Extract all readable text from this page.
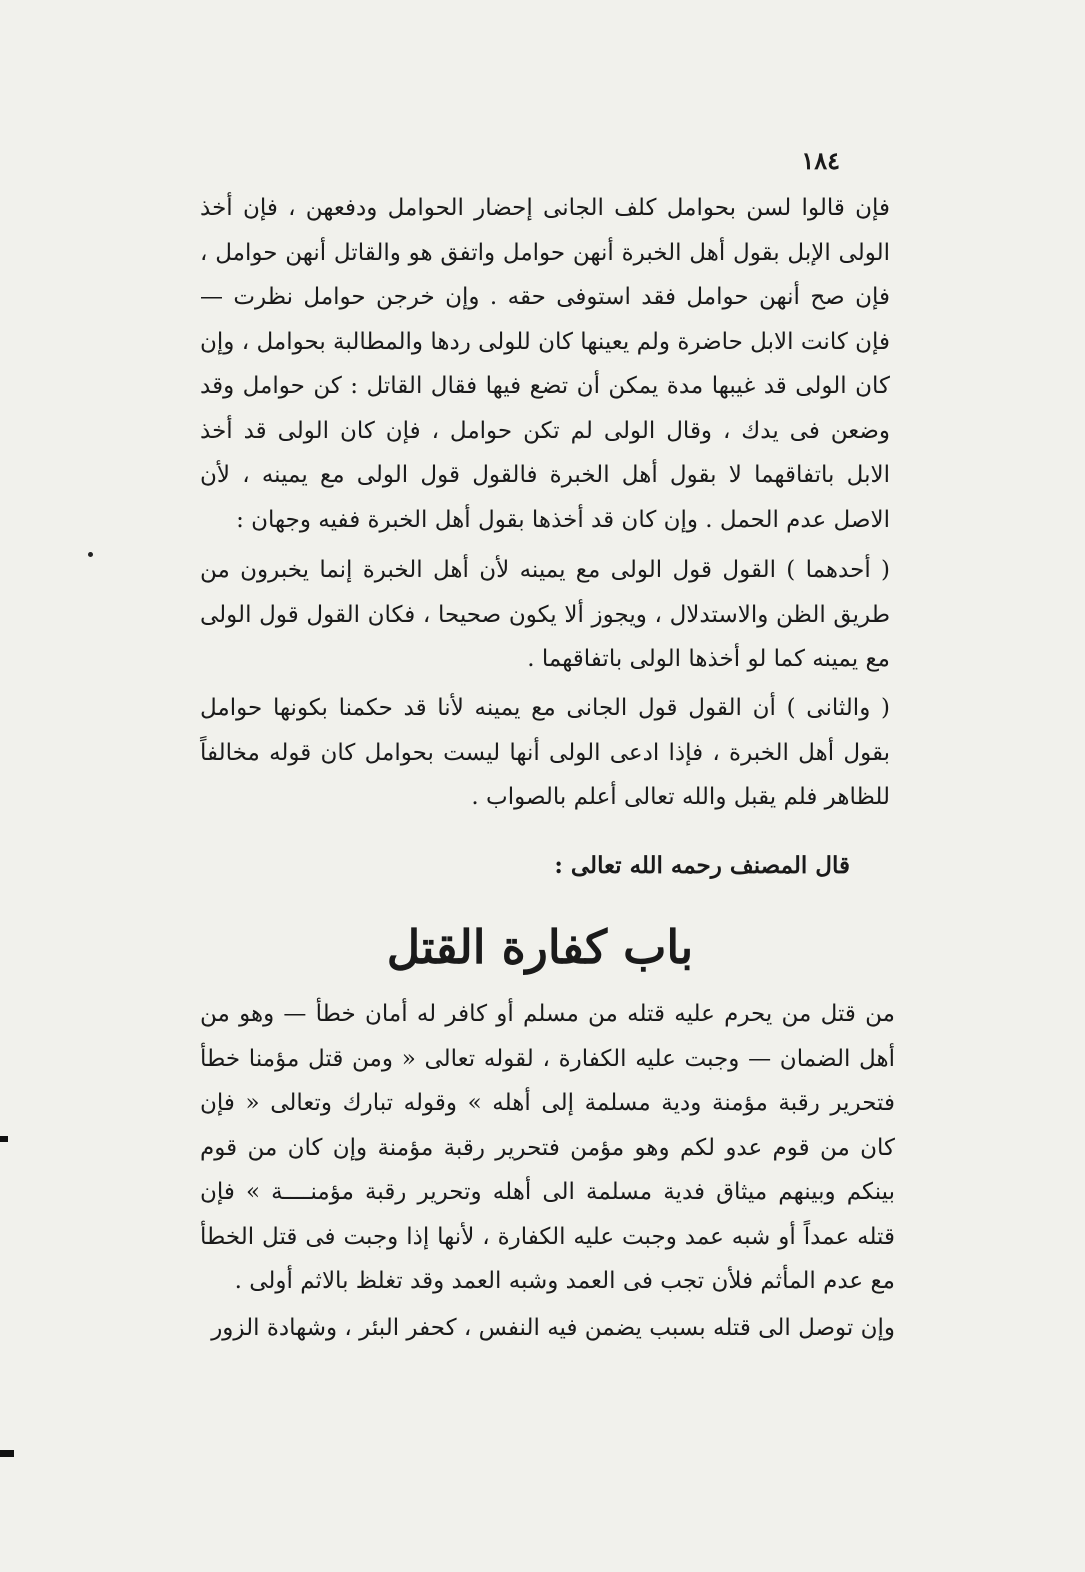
١٨٤

فإن قالوا لسن بحوامل كلف الجانى إحضار الحوامل ودفعهن ، فإن أخذ الولى الإبل بقول أهل الخبرة أنهن حوامل واتفق هو والقاتل أنهن حوامل ، فإن صح أنهن حوامل فقد استوفى حقه . وإن خرجن حوامل نظرت — فإن كانت الابل حاضرة ولم يعينها كان للولى ردها والمطالبة بحوامل ، وإن كان الولى قد غيبها مدة يمكن أن تضع فيها فقال القاتل : كن حوامل وقد وضعن فى يدك ، وقال الولى لم تكن حوامل ، فإن كان الولى قد أخذ الابل باتفاقهما لا بقول أهل الخبرة فالقول قول الولى مع يمينه ، لأن الاصل عدم الحمل . وإن كان قد أخذها بقول أهل الخبرة ففيه وجهان :

( أحدهما ) القول قول الولى مع يمينه لأن أهل الخبرة إنما يخبرون من طريق الظن والاستدلال ، ويجوز ألا يكون صحيحا ، فكان القول قول الولى مع يمينه كما لو أخذها الولى باتفاقهما .

( والثانى ) أن القول قول الجانى مع يمينه لأنا قد حكمنا بكونها حوامل بقول أهل الخبرة ، فإذا ادعى الولى أنها ليست بحوامل كان قوله مخالفاً للظاهر فلم يقبل والله تعالى أعلم بالصواب .

قال المصنف رحمه الله تعالى :
باب كفارة القتل

من قتل من يحرم عليه قتله من مسلم أو كافر له أمان خطأ — وهو من أهل الضمان — وجبت عليه الكفارة ، لقوله تعالى « ومن قتل مؤمنا خطأ فتحرير رقبة مؤمنة ودية مسلمة إلى أهله » وقوله تبارك وتعالى « فإن كان من قوم عدو لكم وهو مؤمن فتحرير رقبة مؤمنة وإن كان من قوم بينكم وبينهم ميثاق فدية مسلمة الى أهله وتحرير رقبة مؤمنــــة » فإن قتله عمداً أو شبه عمد وجبت عليه الكفارة ، لأنها إذا وجبت فى قتل الخطأ مع عدم المأثم فلأن تجب فى العمد وشبه العمد وقد تغلظ بالاثم أولى .

وإن توصل الى قتله بسبب يضمن فيه النفس ، كحفر البئر ، وشهادة الزور
